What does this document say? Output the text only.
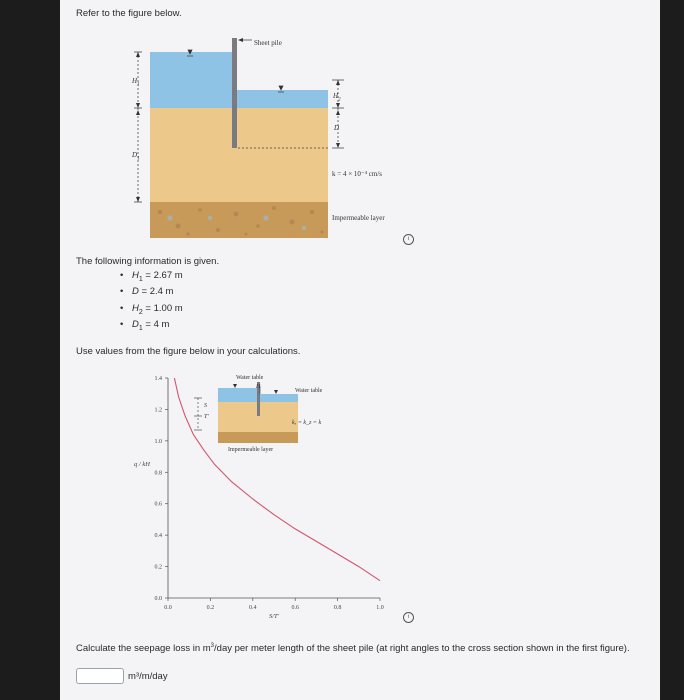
Refer to the figure below.
Sheet pile
$H_1$
$D_1$
$H_2$
D
k = 4 × 10⁻⁴ cm/s
Impermeable layer
i
The following information is given.
• $H_1 = 2.67$ m
• D = 2.4 m
• $H_2 = 1.00$ m
• $D_1 = 4$ m
Use values from the figure below in your calculations.
0.0	0.2	0.4	0.6	0.8	1.0
0.0
0.2
0.4
0.6
0.8
1.0
1.2
1.4
S/T'
q / kH
Water table
Water table
H
S
T'
kₓ = k_z = k
Impermeable layer
i
Calculate the seepage loss in $m^3$/day per meter length of the sheet pile (at right angles to the cross section shown in the first figure).
m³/m/day
